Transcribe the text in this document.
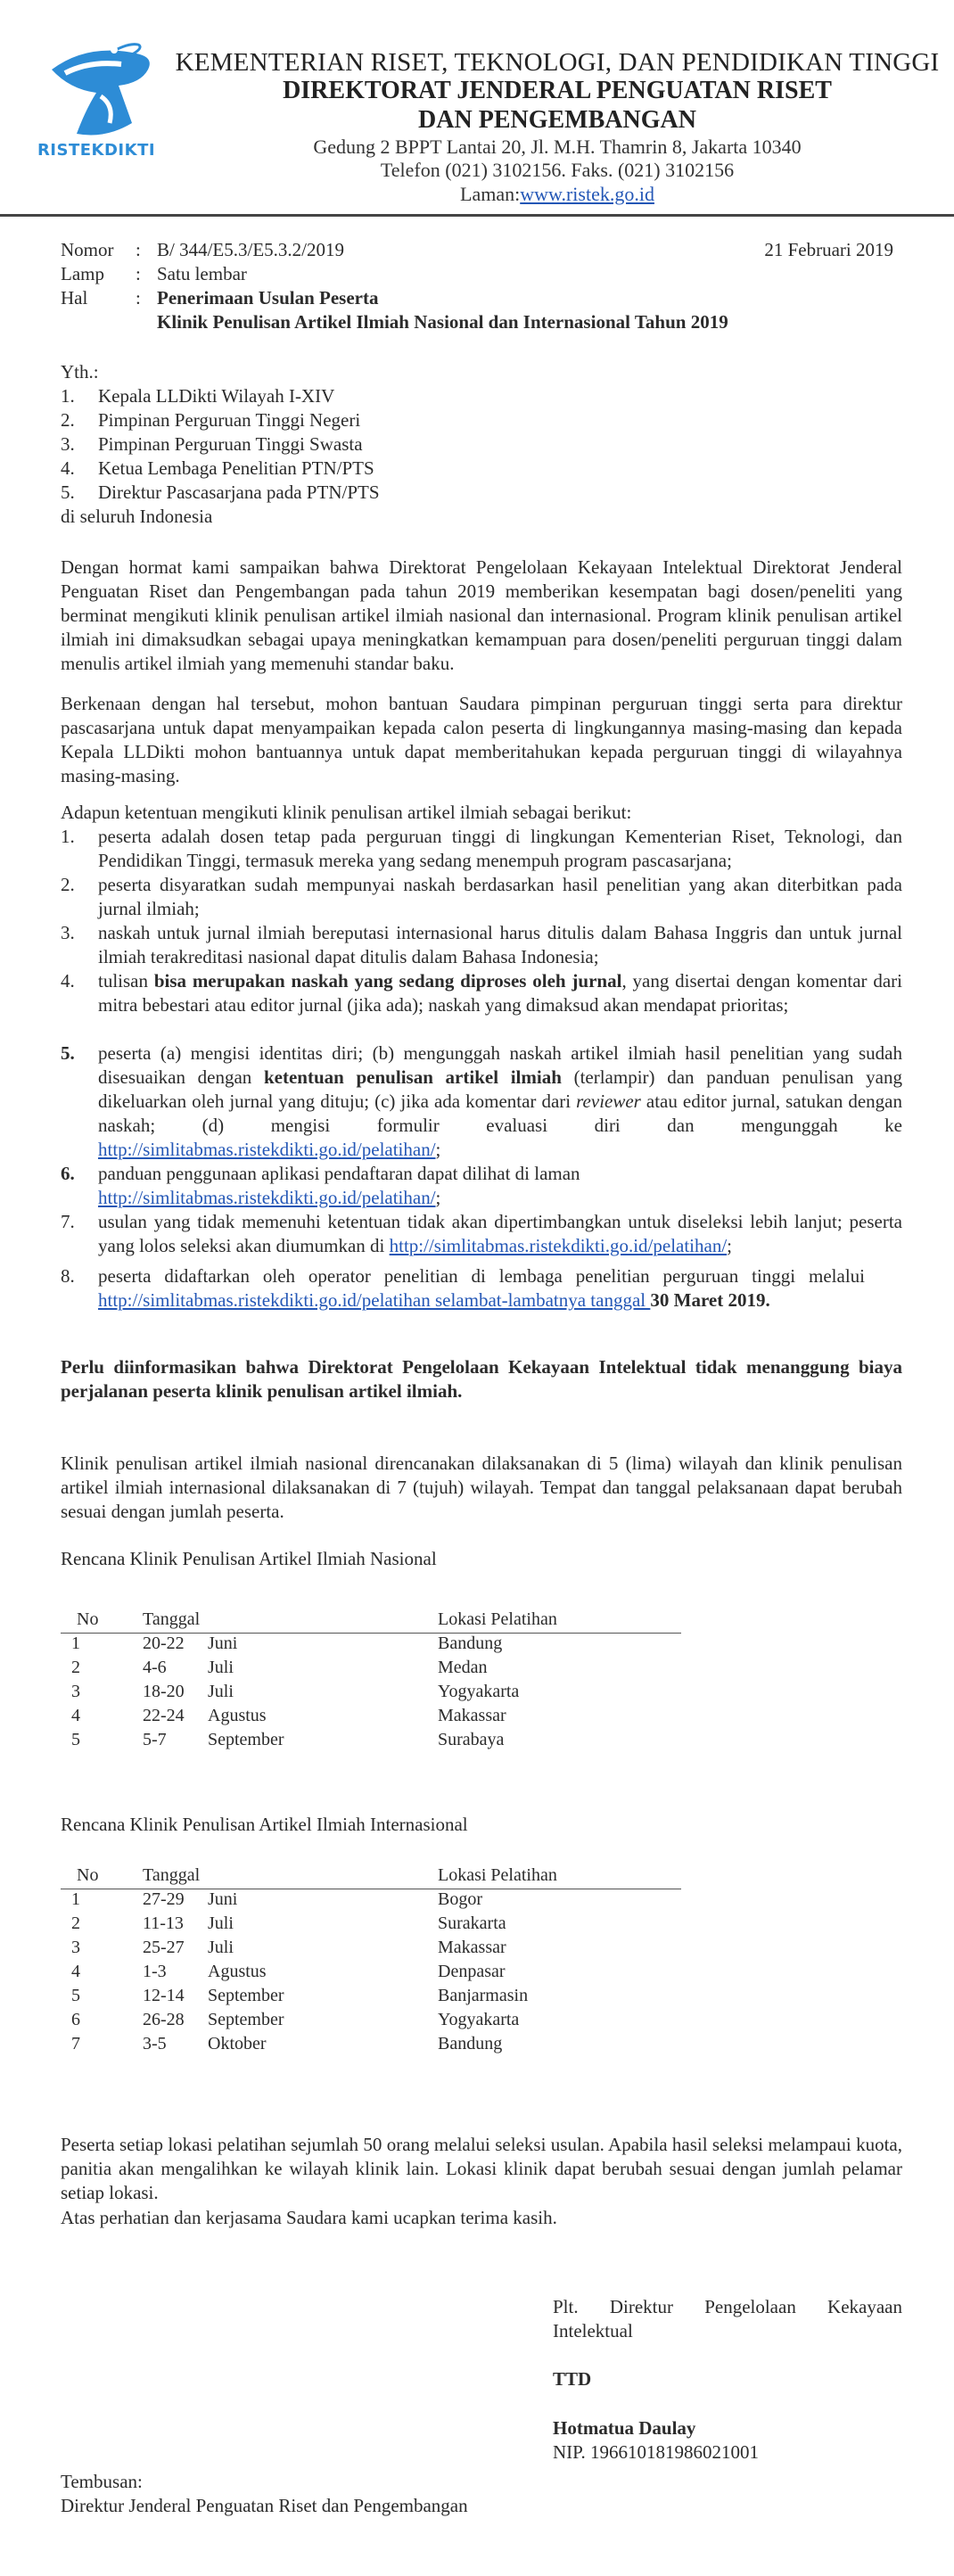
RISTEKDIKTI
KEMENTERIAN RISET, TEKNOLOGI, DAN PENDIDIKAN TINGGI
DIREKTORAT JENDERAL PENGUATAN RISET
DAN PENGEMBANGAN
Gedung 2 BPPT Lantai 20, Jl. M.H. Thamrin 8, Jakarta 10340
Telefon (021) 3102156. Faks. (021) 3102156
Laman:www.ristek.go.id
Nomor : B/ 344/E5.3/E5.3.2/2019	21 Februari 2019
Lamp : Satu lembar
Hal	: Penerimaan Usulan Peserta
Klinik Penulisan Artikel Ilmiah Nasional dan Internasional Tahun 2019
Yth.:
1. Kepala LLDikti Wilayah I-XIV
2. Pimpinan Perguruan Tinggi Negeri
3. Pimpinan Perguruan Tinggi Swasta
4. Ketua Lembaga Penelitian PTN/PTS
5. Direktur Pascasarjana pada PTN/PTS
di seluruh Indonesia
Dengan hormat kami sampaikan bahwa Direktorat Pengelolaan Kekayaan Intelektual Direktorat Jenderal Penguatan Riset dan Pengembangan pada tahun 2019 memberikan kesempatan bagi dosen/peneliti yang berminat mengikuti klinik penulisan artikel ilmiah nasional dan internasional. Program klinik penulisan artikel ilmiah ini dimaksudkan sebagai upaya meningkatkan kemampuan para dosen/peneliti perguruan tinggi dalam menulis artikel ilmiah yang memenuhi standar baku.
Berkenaan dengan hal tersebut, mohon bantuan Saudara pimpinan perguruan tinggi serta para direktur pascasarjana untuk dapat menyampaikan kepada calon peserta di lingkungannya masing-masing dan kepada Kepala LLDikti mohon bantuannya untuk dapat memberitahukan kepada perguruan tinggi di wilayahnya masing-masing.
Adapun ketentuan mengikuti klinik penulisan artikel ilmiah sebagai berikut:
1. peserta adalah dosen tetap pada perguruan tinggi di lingkungan Kementerian Riset, Teknologi, dan Pendidikan Tinggi, termasuk mereka yang sedang menempuh program pascasarjana;
2. peserta disyaratkan sudah mempunyai naskah berdasarkan hasil penelitian yang akan diterbitkan pada jurnal ilmiah;
3. naskah untuk jurnal ilmiah bereputasi internasional harus ditulis dalam Bahasa Inggris dan untuk jurnal ilmiah terakreditasi nasional dapat ditulis dalam Bahasa Indonesia;
4. tulisan bisa merupakan naskah yang sedang diproses oleh jurnal, yang disertai dengan komentar dari mitra bebestari atau editor jurnal (jika ada); naskah yang dimaksud akan mendapat prioritas;
5. peserta (a) mengisi identitas diri; (b) mengunggah naskah artikel ilmiah hasil penelitian yang sudah disesuaikan dengan ketentuan penulisan artikel ilmiah (terlampir) dan panduan penulisan yang dikeluarkan oleh jurnal yang dituju; (c) jika ada komentar dari reviewer atau editor jurnal, satukan dengan naskah; (d) mengisi formulir evaluasi diri dan mengunggah ke http://simlitabmas.ristekdikti.go.id/pelatihan/;
6. panduan penggunaan aplikasi pendaftaran dapat dilihat di laman
http://simlitabmas.ristekdikti.go.id/pelatihan/;
7. usulan yang tidak memenuhi ketentuan tidak akan dipertimbangkan untuk diseleksi lebih lanjut; peserta yang lolos seleksi akan diumumkan di http://simlitabmas.ristekdikti.go.id/pelatihan/;
8. peserta didaftarkan oleh operator penelitian di lembaga penelitian perguruan tinggi melalui http://simlitabmas.ristekdikti.go.id/pelatihan selambat-lambatnya tanggal 30 Maret 2019.
Perlu diinformasikan bahwa Direktorat Pengelolaan Kekayaan Intelektual tidak menanggung biaya perjalanan peserta klinik penulisan artikel ilmiah.
Klinik penulisan artikel ilmiah nasional direncanakan dilaksanakan di 5 (lima) wilayah dan klinik penulisan artikel ilmiah internasional dilaksanakan di 7 (tujuh) wilayah. Tempat dan tanggal pelaksanaan dapat berubah sesuai dengan jumlah peserta.
Rencana Klinik Penulisan Artikel Ilmiah Nasional
No Tanggal	Lokasi Pelatihan
1	20-22 Juni	Bandung
2	4-6 Juli	Medan
3	18-20 Juli	Yogyakarta
4	22-24 Agustus	Makassar
5	5-7 September	Surabaya
Rencana Klinik Penulisan Artikel Ilmiah Internasional
No Tanggal	Lokasi Pelatihan
1	27-29 Juni	Bogor
2	11-13 Juli	Surakarta
3	25-27 Juli	Makassar
4	1-3 Agustus	Denpasar
5	12-14 September	Banjarmasin
6	26-28 September	Yogyakarta
7	3-5 Oktober	Bandung
Peserta setiap lokasi pelatihan sejumlah 50 orang melalui seleksi usulan. Apabila hasil seleksi melampaui kuota, panitia akan mengalihkan ke wilayah klinik lain. Lokasi klinik dapat berubah sesuai dengan jumlah pelamar setiap lokasi.
Atas perhatian dan kerjasama Saudara kami ucapkan terima kasih.
Plt. Direktur Pengelolaan Kekayaan Intelektual
TTD
Hotmatua Daulay
NIP. 196610181986021001
Tembusan:
Direktur Jenderal Penguatan Riset dan Pengembangan
